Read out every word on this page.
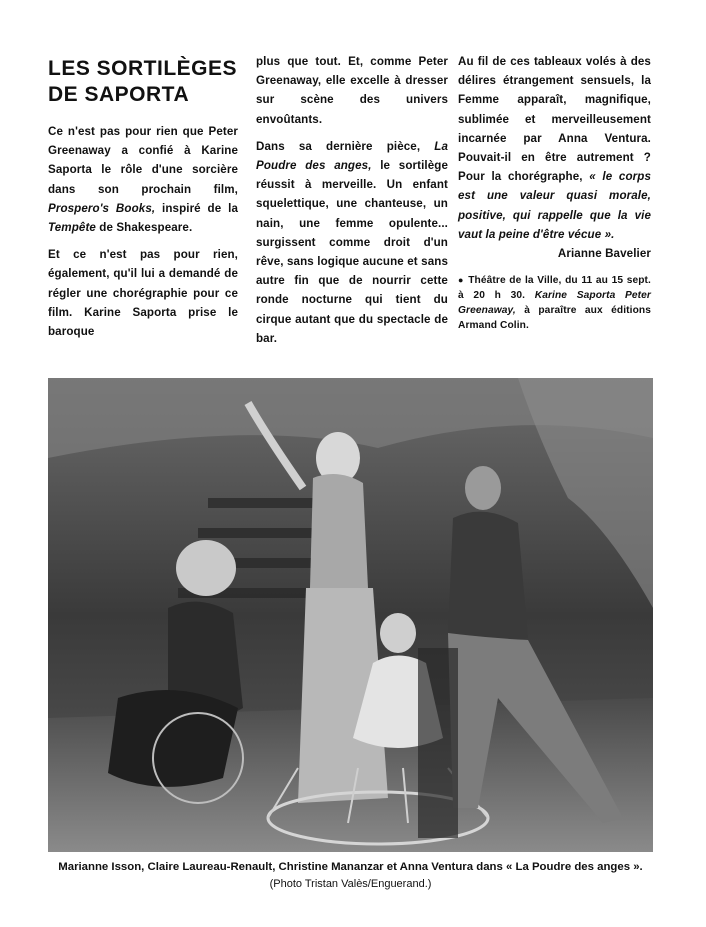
LES SORTILÈGES
DE SAPORTA

Ce n'est pas pour rien que Peter Greenaway a confié à Karine Saporta le rôle d'une sorcière dans son prochain film, Prospero's Books, inspiré de la Tempête de Shakespeare.

Et ce n'est pas pour rien, également, qu'il lui a demandé de régler une chorégraphie pour ce film. Karine Saporta prise le baroque

plus que tout. Et, comme Peter Greenaway, elle excelle à dresser sur scène des univers envoûtants.

Dans sa dernière pièce, La Poudre des anges, le sortilège réussit à merveille. Un enfant squelettique, une chanteuse, un nain, une femme opulente... surgissent comme droit d'un rêve, sans logique aucune et sans autre fin que de nourrir cette ronde nocturne qui tient du cirque autant que du spectacle de bar.

Au fil de ces tableaux volés à des délires étrangement sensuels, la Femme apparaît, magnifique, sublimée et merveilleusement incarnée par Anna Ventura. Pouvait-il en être autrement ? Pour la chorégraphe, « le corps est une valeur quasi morale, positive, qui rappelle que la vie vaut la peine d'être vécue ».

Arianne Bavelier
● Théâtre de la Ville, du 11 au 15 sept. à 20 h 30. Karine Saporta Peter Greenaway, à paraître aux éditions Armand Colin.
Marianne Isson, Claire Laureau-Renault, Christine Mananzar et Anna Ventura dans « La Poudre des anges ». (Photo Tristan Valès/Enguerand.)
